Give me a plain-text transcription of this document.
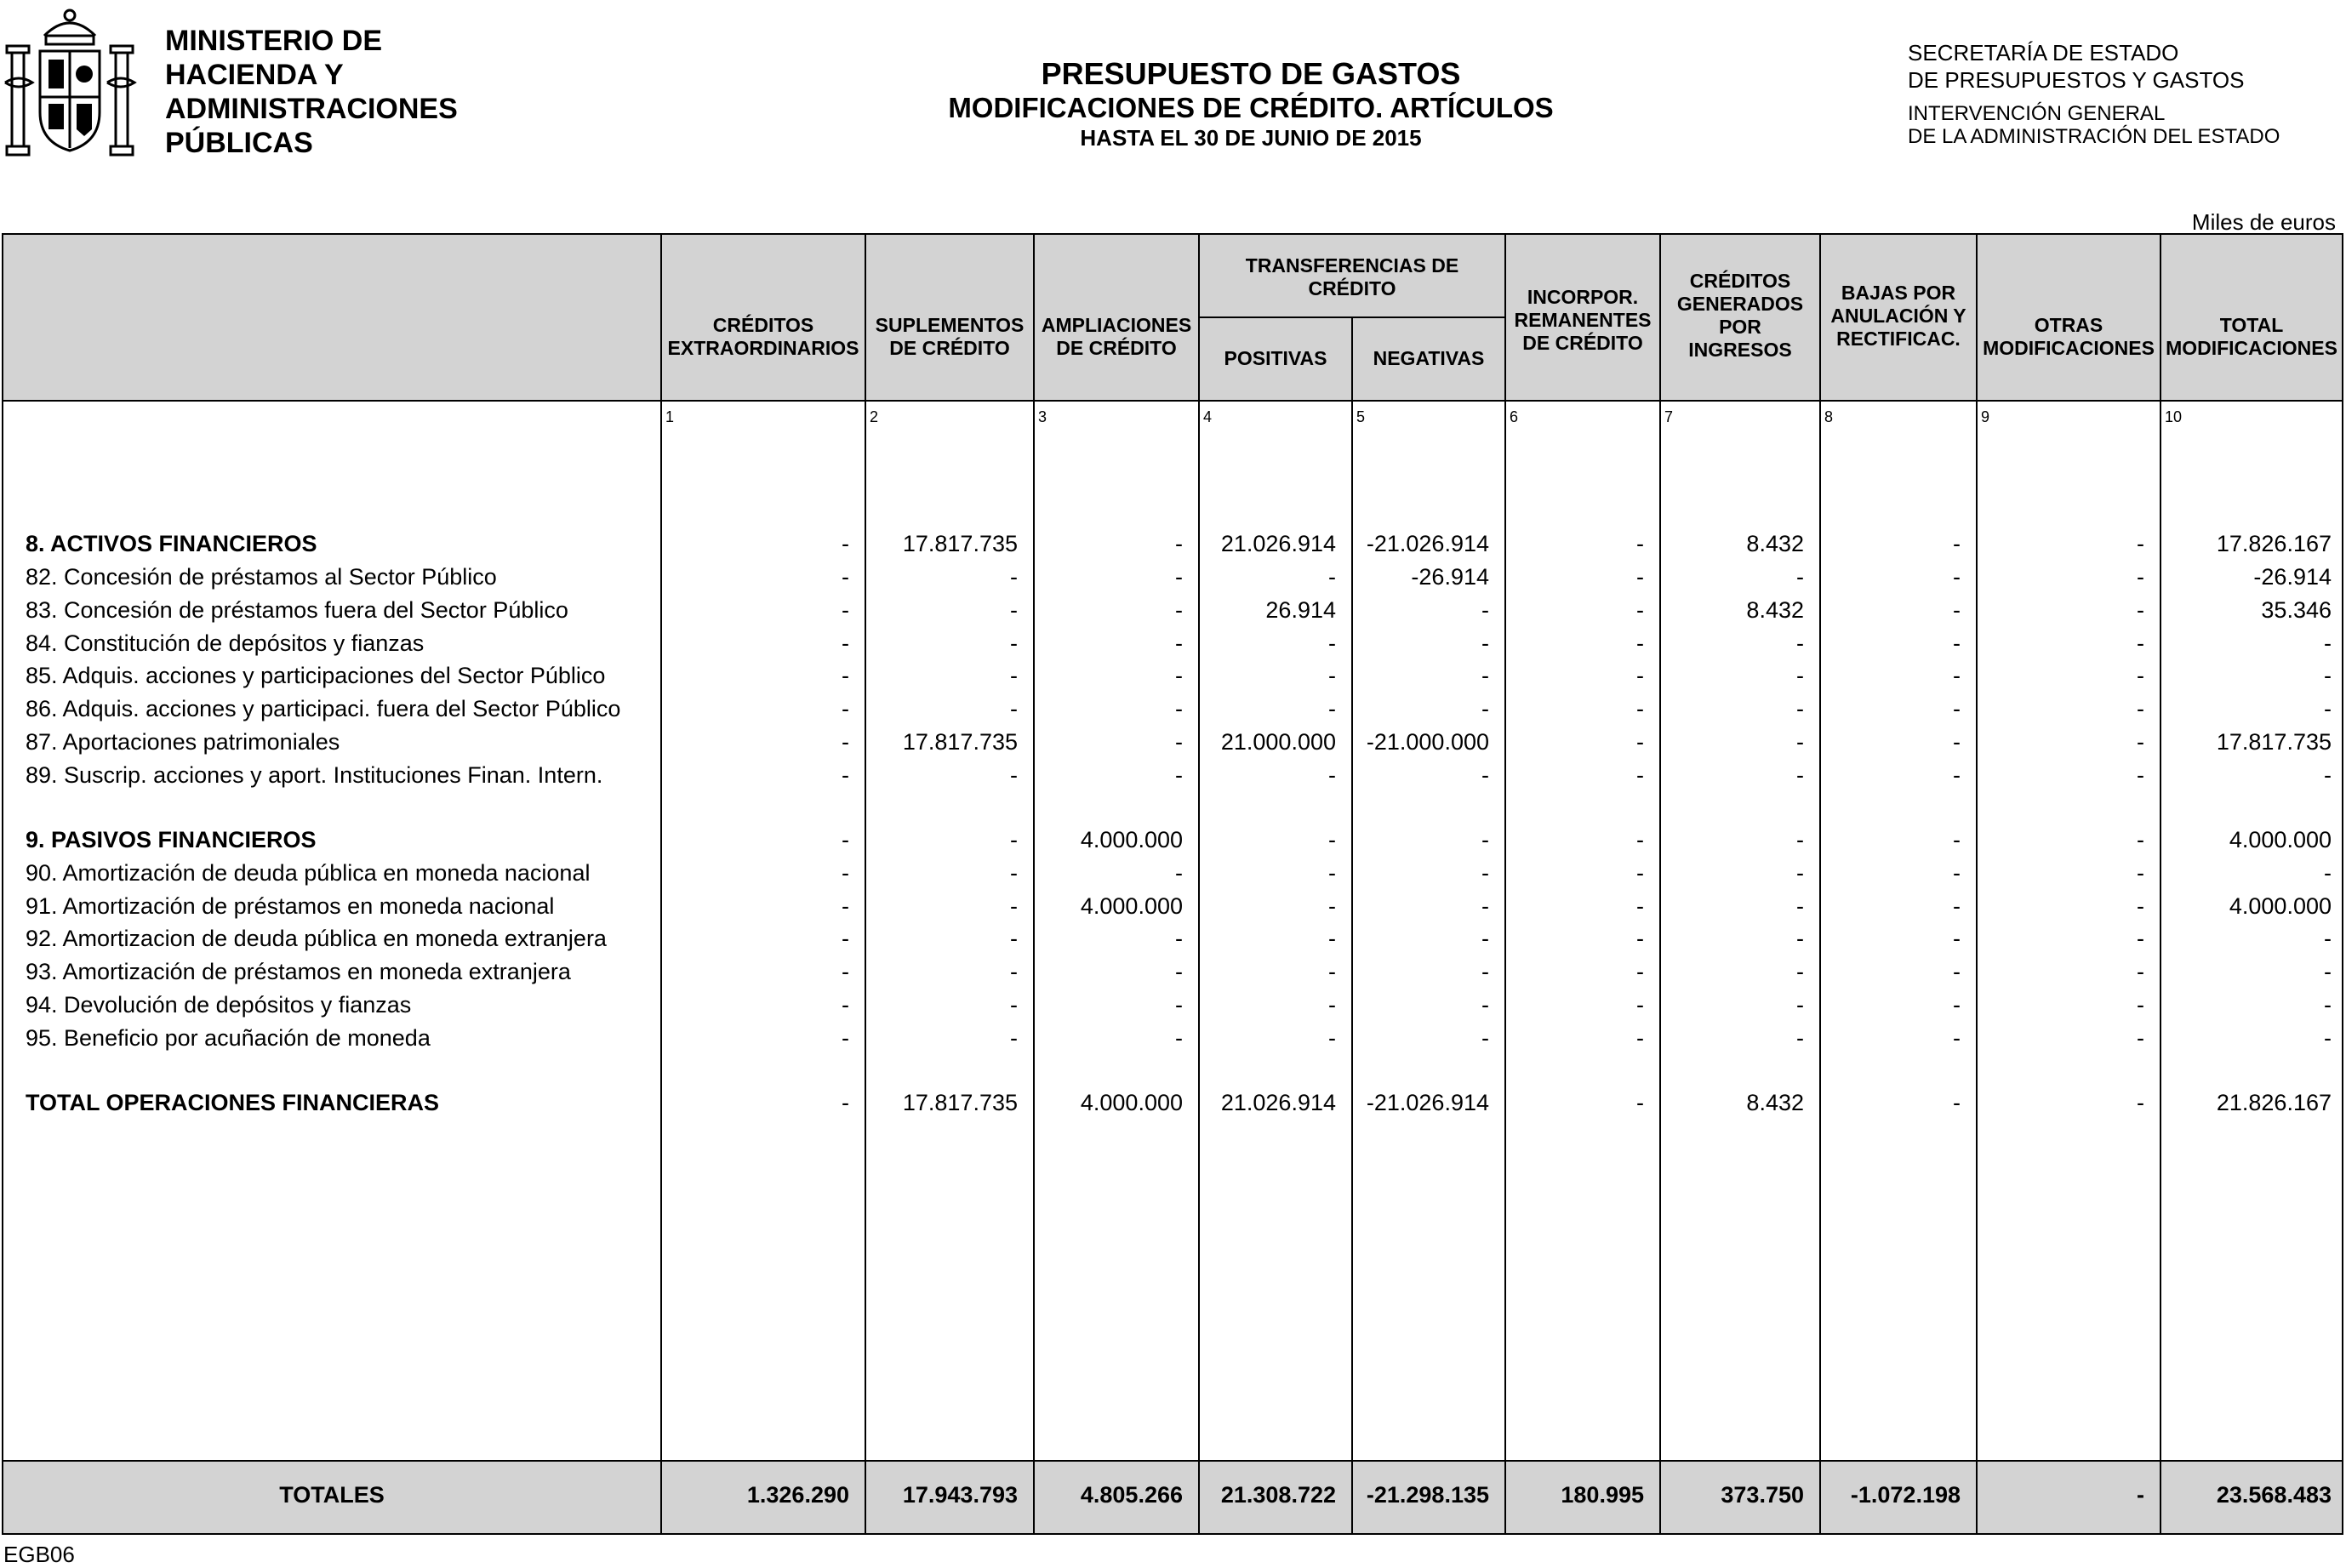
MINISTERIO DE
HACIENDA Y
ADMINISTRACIONES
PÚBLICAS
PRESUPUESTO DE GASTOS
MODIFICACIONES DE CRÉDITO. ARTÍCULOS
HASTA EL 30 DE JUNIO DE 2015
SECRETARÍA DE ESTADO
DE PRESUPUESTOS Y GASTOS
INTERVENCIÓN GENERAL
DE LA ADMINISTRACIÓN DEL ESTADO
Miles de euros
CRÉDITOS EXTRAORDINARIOS
SUPLEMENTOS DE CRÉDITO
AMPLIACIONES DE CRÉDITO
TRANSFERENCIAS DE CRÉDITO
POSITIVAS	NEGATIVAS
INCORPOR. REMANENTES DE CRÉDITO
CRÉDITOS GENERADOS POR INGRESOS
BAJAS POR ANULACIÓN Y RECTIFICAC.
OTRAS MODIFICACIONES
TOTAL MODIFICACIONES
1	2	3	4	5	6	7	8	9	10
8. ACTIVOS FINANCIEROS	-	17.817.735	-	21.026.914	-21.026.914	-	8.432	-	-	17.826.167
82. Concesión de préstamos al Sector Público	-	-	-	-	-26.914	-	-	-	-	-26.914
83. Concesión de préstamos fuera del Sector Público	-	-	-	26.914	-	-	8.432	-	-	35.346
84. Constitución de depósitos y fianzas	-	-	-	-	-	-	-	-	-	-
85. Adquis. acciones y participaciones del Sector Público	-	-	-	-	-	-	-	-	-	-
86. Adquis. acciones y participaci. fuera del Sector Público	-	-	-	-	-	-	-	-	-	-
87. Aportaciones patrimoniales	-	17.817.735	-	21.000.000	-21.000.000	-	-	-	-	17.817.735
89. Suscrip. acciones y aport. Instituciones Finan. Intern.	-	-	-	-	-	-	-	-	-	-
9. PASIVOS FINANCIEROS	-	-	4.000.000	-	-	-	-	-	-	4.000.000
90. Amortización de deuda pública en moneda nacional	-	-	-	-	-	-	-	-	-	-
91. Amortización de préstamos en moneda nacional	-	-	4.000.000	-	-	-	-	-	-	4.000.000
92. Amortizacion de deuda pública en moneda extranjera	-	-	-	-	-	-	-	-	-	-
93. Amortización de préstamos en moneda extranjera	-	-	-	-	-	-	-	-	-	-
94. Devolución de depósitos y fianzas	-	-	-	-	-	-	-	-	-	-
95. Beneficio por acuñación de moneda	-	-	-	-	-	-	-	-	-	-
TOTAL OPERACIONES FINANCIERAS	-	17.817.735	4.000.000	21.026.914	-21.026.914	-	8.432	-	-	21.826.167
TOTALES	1.326.290	17.943.793	4.805.266	21.308.722	-21.298.135	180.995	373.750	-1.072.198	-	23.568.483
EGB06
